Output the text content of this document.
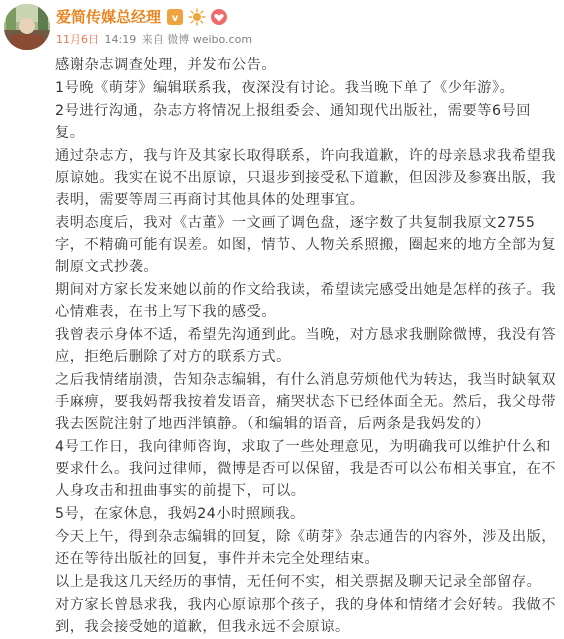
爱简传媒总经理 v
11月6日 14:19 来自 微博 weibo.com

感谢杂志调查处理，并发布公告。

1号晚《萌芽》编辑联系我，夜深没有讨论。我当晚下单了《少年游》。

2号进行沟通，杂志方将情况上报组委会、通知现代出版社，需要等6号回复。

通过杂志方，我与许及其家长取得联系，许向我道歉，许的母亲恳求我希望我原谅她。我实在说不出原谅，只退步到接受私下道歉，但因涉及参赛出版，我表明，需要等周三再商讨其他具体的处理事宜。

表明态度后，我对《古董》一文画了调色盘，逐字数了共复制我原文2755字，不精确可能有误差。如图，情节、人物关系照搬，圈起来的地方全部为复制原文式抄袭。

期间对方家长发来她以前的作文给我读，希望读完感受出她是怎样的孩子。我心情难表，在书上写下我的感受。

我曾表示身体不适，希望先沟通到此。当晚，对方恳求我删除微博，我没有答应，拒绝后删除了对方的联系方式。

之后我情绪崩溃，告知杂志编辑，有什么消息劳烦他代为转达，我当时缺氧双手麻痹，要我妈帮我按着发语音，痛哭状态下已经体面全无。然后，我父母带我去医院注射了地西泮镇静。（和编辑的语音，后两条是我妈发的）

4号工作日，我向律师咨询，求取了一些处理意见，为明确我可以维护什么和要求什么。我问过律师，微博是否可以保留，我是否可以公布相关事宜，在不人身攻击和扭曲事实的前提下，可以。

5号，在家休息，我妈24小时照顾我。

今天上午，得到杂志编辑的回复，除《萌芽》杂志通告的内容外，涉及出版，还在等待出版社的回复，事件并未完全处理结束。

以上是我这几天经历的事情，无任何不实，相关票据及聊天记录全部留存。

对方家长曾恳求我，我内心原谅那个孩子，我的身体和情绪才会好转。我做不到，我会接受她的道歉，但我永远不会原谅。
